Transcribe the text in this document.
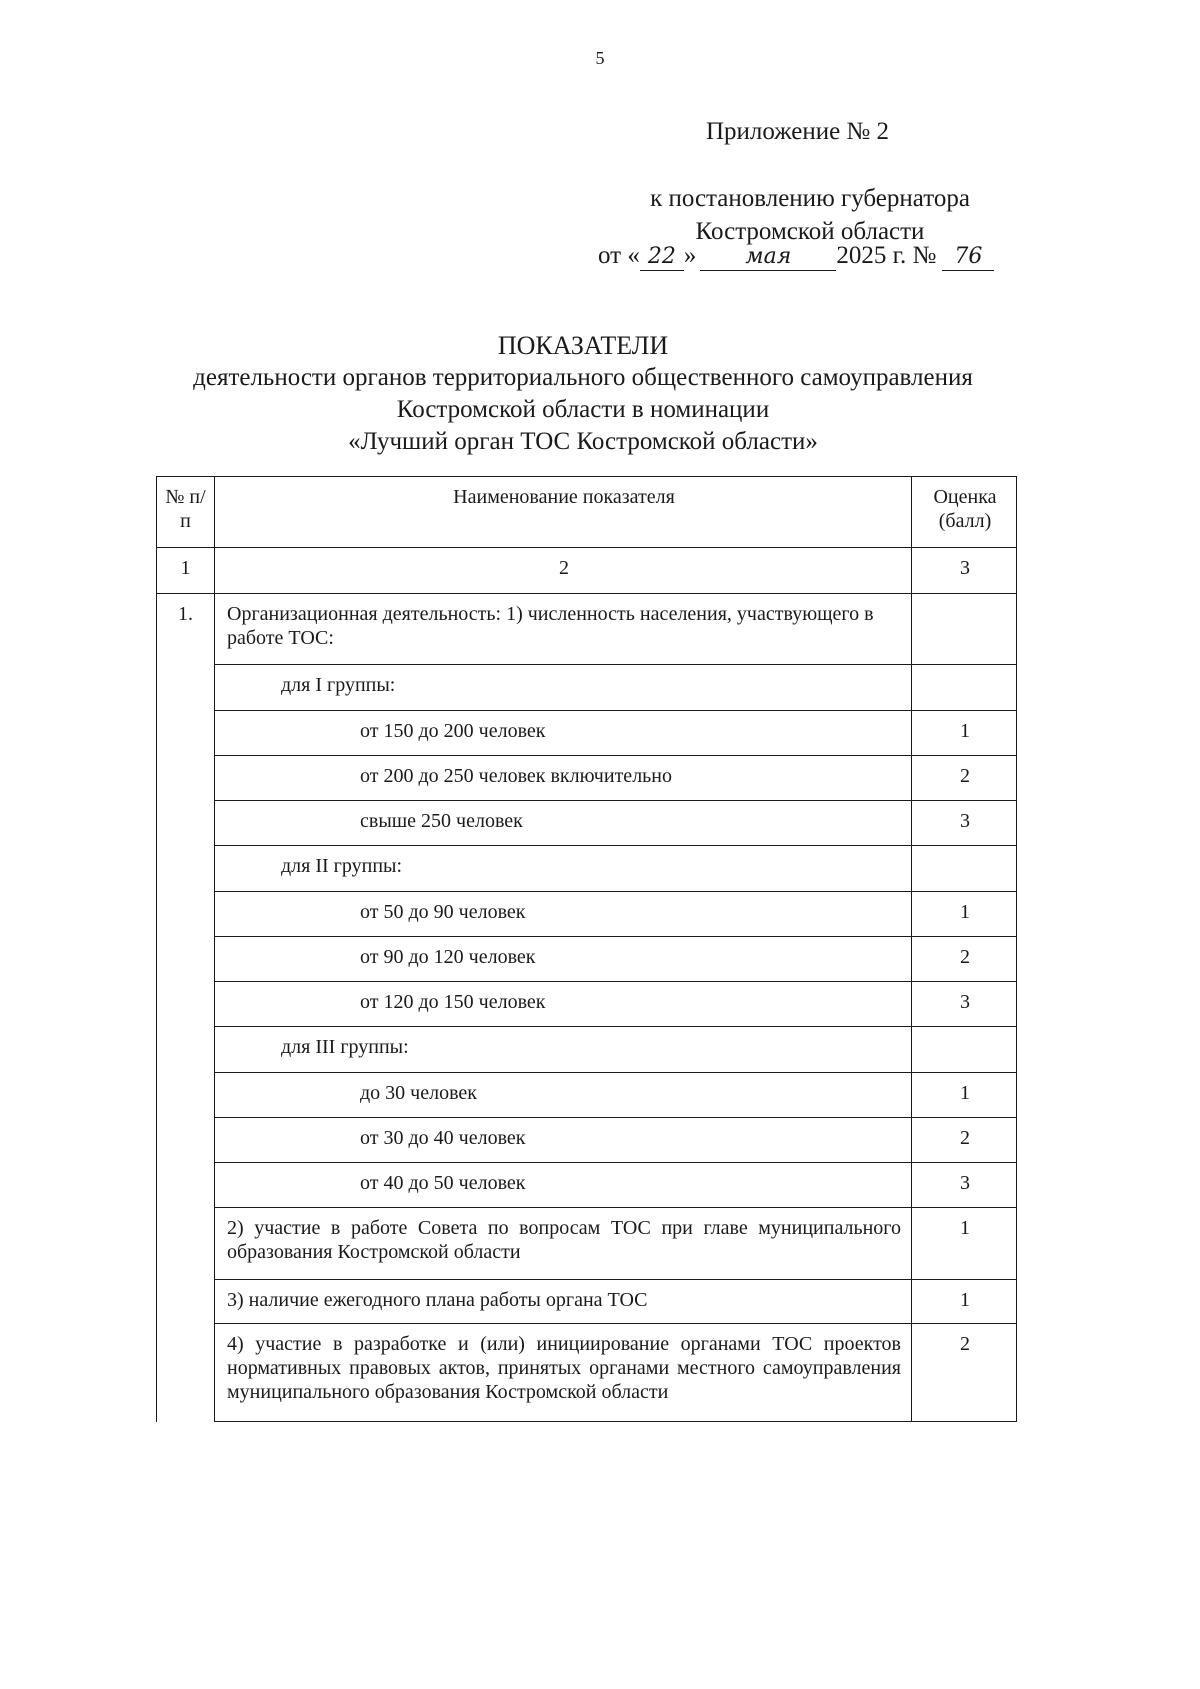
5
Приложение № 2
к постановлению губернатора
Костромской области
от « 22 » мая 2025 г. № 76
ПОКАЗАТЕЛИ
деятельности органов территориального общественного самоуправления
Костромской области в номинации
«Лучший орган ТОС Костромской области»
№ п/п	Наименование показателя	Оценка (балл)
1	2	3
1.	Организационная деятельность: 1) численность населения, участвующего в работе ТОС:	
	для I группы:	
	от 150 до 200 человек	1
	от 200 до 250 человек включительно	2
	свыше 250 человек	3
	для II группы:	
	от 50 до 90 человек	1
	от 90 до 120 человек	2
	от 120 до 150 человек	3
	для III группы:	
	до 30 человек	1
	от 30 до 40 человек	2
	от 40 до 50 человек	3
	2) участие в работе Совета по вопросам ТОС при главе муниципального образования Костромской области	1
	3) наличие ежегодного плана работы органа ТОС	1
	4) участие в разработке и (или) инициирование органами ТОС проектов нормативных правовых актов, принятых органами местного самоуправления муниципального образования Костромской области	2
